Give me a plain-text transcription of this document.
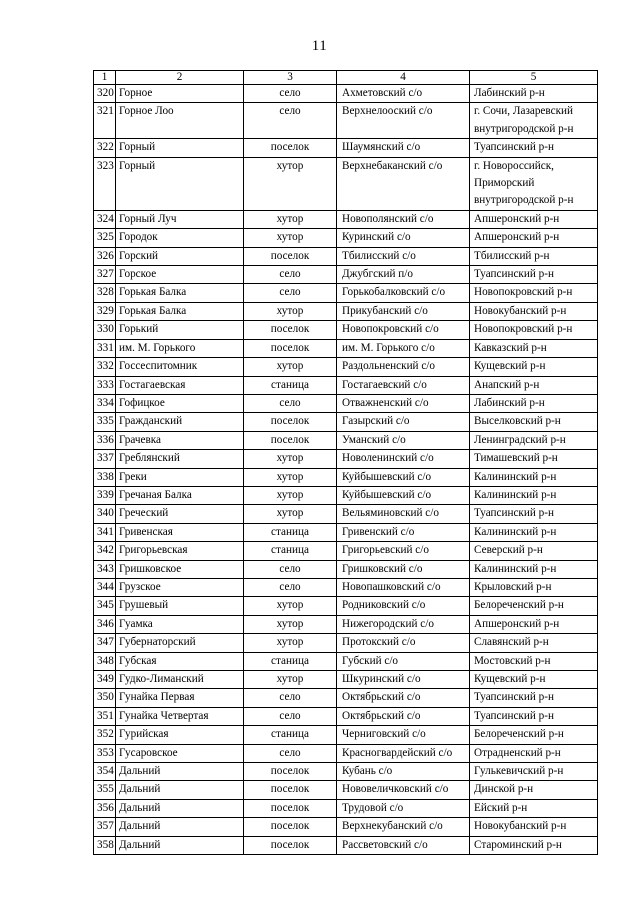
11
1	2	3	4	5
320	Горное	село	Ахметовский с/о	Лабинский р-н
321	Горное Лоо	село	Верхнелооский с/о	г. Сочи, Лазаревский внутригородской р-н
322	Горный	поселок	Шаумянский с/о	Туапсинский р-н
323	Горный	хутор	Верхнебаканский с/о	г. Новороссийск, Приморский внутригородской р-н
324	Горный Луч	хутор	Новополянский с/о	Апшеронский р-н
325	Городок	хутор	Куринский с/о	Апшеронский р-н
326	Горский	поселок	Тбилисский с/о	Тбилисский р-н
327	Горское	село	Джубгский п/о	Туапсинский р-н
328	Горькая Балка	село	Горькобалковский с/о	Новопокровский р-н
329	Горькая Балка	хутор	Прикубанский с/о	Новокубанский р-н
330	Горький	поселок	Новопокровский с/о	Новопокровский р-н
331	им. М. Горького	поселок	им. М. Горького с/о	Кавказский р-н
332	Госсеспитомник	хутор	Раздольненский с/о	Кущевский р-н
333	Гостагаевская	станица	Гостагаевский с/о	Анапский р-н
334	Гофицкое	село	Отважненский с/о	Лабинский р-н
335	Гражданский	поселок	Газырский с/о	Выселковский р-н
336	Грачевка	поселок	Уманский с/о	Ленинградский р-н
337	Греблянский	хутор	Новоленинский с/о	Тимашевский р-н
338	Греки	хутор	Куйбышевский с/о	Калининский р-н
339	Гречаная Балка	хутор	Куйбышевский с/о	Калининский р-н
340	Греческий	хутор	Вельяминовский с/о	Туапсинский р-н
341	Гривенская	станица	Гривенский с/о	Калининский р-н
342	Григорьевская	станица	Григорьевский с/о	Северский р-н
343	Гришковское	село	Гришковский с/о	Калининский р-н
344	Грузское	село	Новопашковский с/о	Крыловский р-н
345	Грушевый	хутор	Родниковский с/о	Белореченский р-н
346	Гуамка	хутор	Нижегородский с/о	Апшеронский р-н
347	Губернаторский	хутор	Протокский с/о	Славянский р-н
348	Губская	станица	Губский с/о	Мостовский р-н
349	Гудко-Лиманский	хутор	Шкуринский с/о	Кущевский р-н
350	Гунайка Первая	село	Октябрьский с/о	Туапсинский р-н
351	Гунайка Четвертая	село	Октябрьский с/о	Туапсинский р-н
352	Гурийская	станица	Черниговский с/о	Белореченский р-н
353	Гусаровское	село	Красногвардейский с/о	Отрадненский р-н
354	Дальний	поселок	Кубань с/о	Гулькевичский р-н
355	Дальний	поселок	Нововеличковский с/о	Динской р-н
356	Дальний	поселок	Трудовой с/о	Ейский р-н
357	Дальний	поселок	Верхнекубанский с/о	Новокубанский р-н
358	Дальний	поселок	Рассветовский с/о	Староминский р-н
